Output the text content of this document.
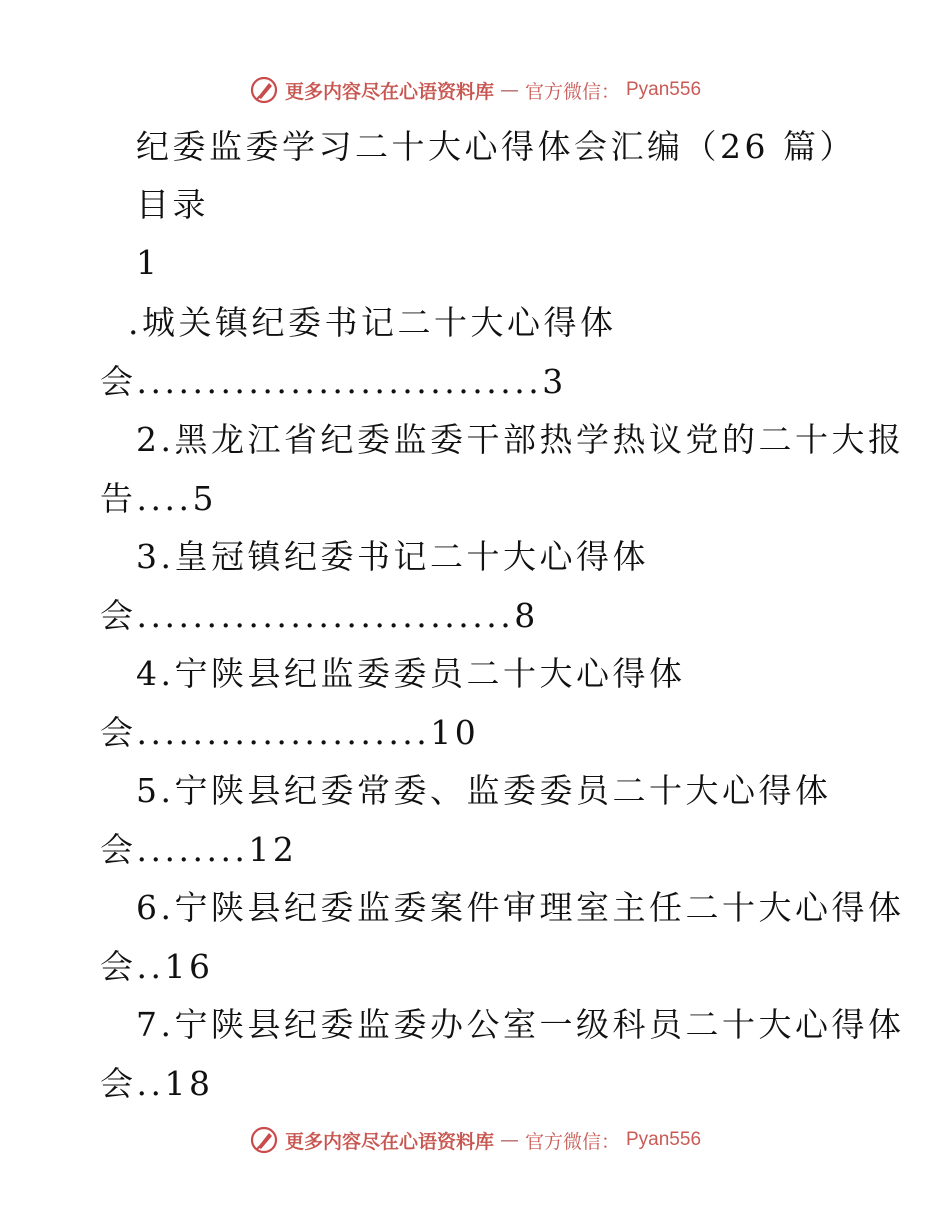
更多内容尽在心语资料库 — 官方微信： Pyan556
纪委监委学习二十大心得体会汇编（26 篇）
目录
1
.城关镇纪委书记二十大心得体
会.............................3
2.黑龙江省纪委监委干部热学热议党的二十大报
告....5
3.皇冠镇纪委书记二十大心得体
会...........................8
4.宁陕县纪监委委员二十大心得体
会.....................10
5.宁陕县纪委常委、监委委员二十大心得体
会........12
6.宁陕县纪委监委案件审理室主任二十大心得体
会..16
7.宁陕县纪委监委办公室一级科员二十大心得体
会..18
更多内容尽在心语资料库 — 官方微信： Pyan556
